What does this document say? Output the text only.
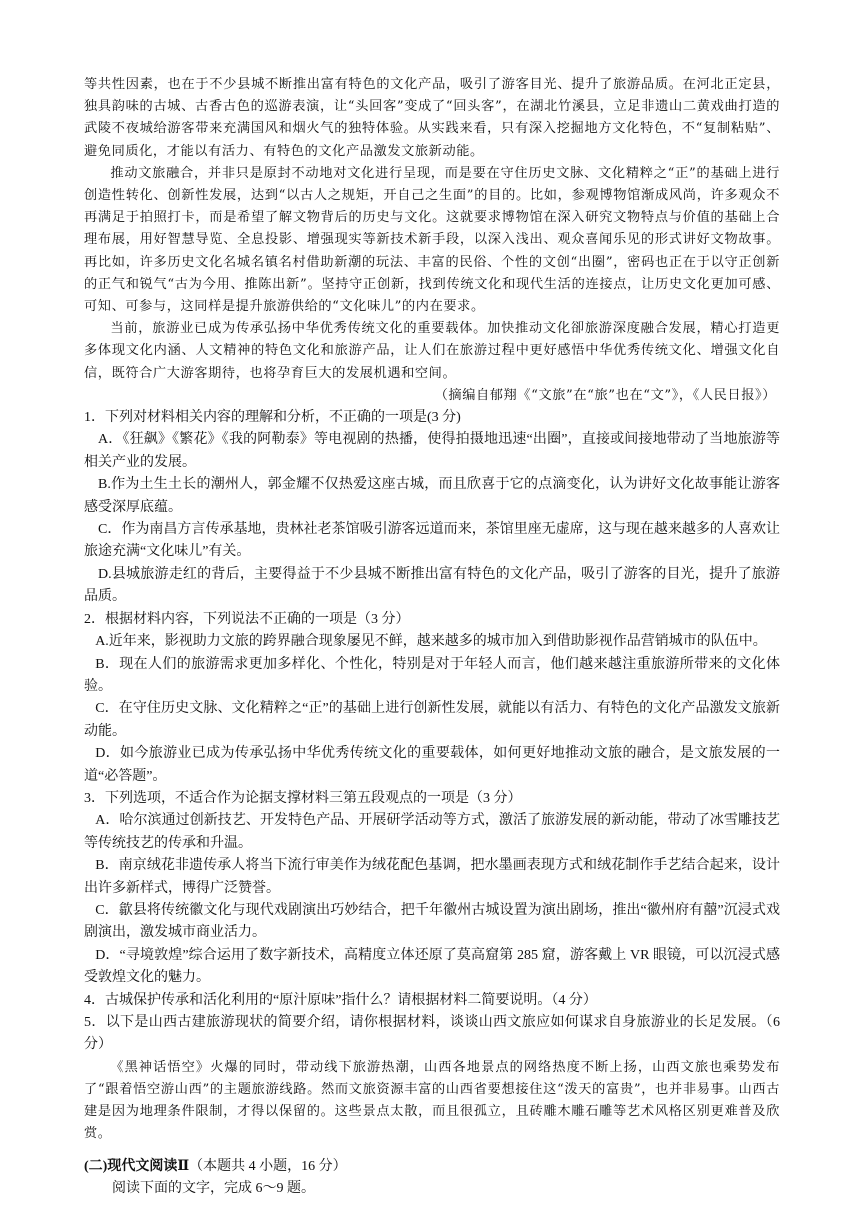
等共性因素，也在于不少县城不断推出富有特色的文化产品，吸引了游客目光、提升了旅游品质。在河北正定县，独具韵味的古城、古香古色的巡游表演，让“头回客”变成了“回头客”，在湖北竹溪县，立足非遗山二黄戏曲打造的武陵不夜城给游客带来充满国风和烟火气的独特体验。从实践来看，只有深入挖掘地方文化特色，不“复制粘贴”、避免同质化，才能以有活力、有特色的文化产品激发文旅新动能。

推动文旅融合，并非只是原封不动地对文化进行呈现，而是要在守住历史文脉、文化精粹之“正”的基础上进行创造性转化、创新性发展，达到“以古人之规矩，开自己之生面”的目的。比如，参观博物馆渐成风尚，许多观众不再满足于拍照打卡，而是希望了解文物背后的历史与文化。这就要求博物馆在深入研究文物特点与价值的基础上合理布展，用好智慧导览、全息投影、增强现实等新技术新手段，以深入浅出、观众喜闻乐见的形式讲好文物故事。再比如，许多历史文化名城名镇名村借助新潮的玩法、丰富的民俗、个性的文创“出圈”，密码也正在于以守正创新的正气和锐气“古为今用、推陈出新”。坚持守正创新，找到传统文化和现代生活的连接点，让历史文化更加可感、可知、可参与，这同样是提升旅游供给的“文化味儿”的内在要求。

当前，旅游业已成为传承弘扬中华优秀传统文化的重要载体。加快推动文化卻旅游深度融合发展，精心打造更多体现文化内涵、人文精神的特色文化和旅游产品，让人们在旅游过程中更好感悟中华优秀传统文化、增强文化自信，既符合广大游客期待，也将孕育巨大的发展机遇和空间。

（摘编自郁翔《“文旅”在“旅”也在“文”》，《人民日报》）

1．下列对材料相关内容的理解和分析，不正确的一项是(3 分)

A．《狂飙》《繁花》《我的阿勒泰》等电视剧的热播，使得拍摄地迅速“出圈”，直接或间接地带动了当地旅游等相关产业的发展。

B.作为土生土长的潮州人，郭金耀不仅热爱这座古城，而且欣喜于它的点滴变化，认为讲好文化故事能让游客感受深厚底蕴。

C．作为南昌方言传承基地，贵林社老茶馆吸引游客远道而来，茶馆里座无虚席，这与现在越来越多的人喜欢让旅途充满“文化味儿”有关。

D.县城旅游走红的背后，主要得益于不少县城不断推出富有特色的文化产品，吸引了游客的目光，提升了旅游品质。

2．根据材料内容，下列说法不正确的一项是（3 分）

A.近年来，影视助力文旅的跨界融合现象屡见不鲜，越来越多的城市加入到借助影视作品营销城市的队伍中。

B．现在人们的旅游需求更加多样化、个性化，特别是对于年轻人而言，他们越来越注重旅游所带来的文化体验。

C．在守住历史文脉、文化精粹之“正”的基础上进行创新性发展，就能以有活力、有特色的文化产品激发文旅新动能。

D．如今旅游业已成为传承弘扬中华优秀传统文化的重要载体，如何更好地推动文旅的融合，是文旅发展的一道“必答题”。

3．下列选项，不适合作为论据支撑材料三第五段观点的一项是（3 分）

A．哈尔滨通过创新技艺、开发特色产品、开展研学活动等方式，激活了旅游发展的新动能，带动了冰雪雕技艺等传统技艺的传承和升温。

B．南京绒花非遗传承人将当下流行审美作为绒花配色基调，把水墨画表现方式和绒花制作手艺结合起来，设计出许多新样式，博得广泛赞誉。

C．歙县将传统徽文化与现代戏剧演出巧妙结合，把千年徽州古城设置为演出剧场，推出“徽州府有囍”沉浸式戏剧演出，激发城市商业活力。

D．“寻境敦煌”综合运用了数字新技术，高精度立体还原了莫高窟第 285 窟，游客戴上 VR 眼镜，可以沉浸式感受敦煌文化的魅力。

4．古城保护传承和活化利用的“原汁原味”指什么？请根据材料二简要说明。（4 分）

5．以下是山西古建旅游现状的简要介绍，请你根据材料，谈谈山西文旅应如何谋求自身旅游业的长足发展。（6 分）

《黑神话悟空》火爆的同时，带动线下旅游热潮，山西各地景点的网络热度不断上扬，山西文旅也乘势发布了“跟着悟空游山西”的主题旅游线路。然而文旅资源丰富的山西省要想接住这“泼天的富贵”，也并非易事。山西古建是因为地理条件限制，才得以保留的。这些景点太散，而且很孤立，且砖雕木雕石雕等艺术风格区别更难普及欣赏。

(二)现代文阅读Ⅱ（本题共 4 小题，16 分）

阅读下面的文字，完成 6～9 题。
